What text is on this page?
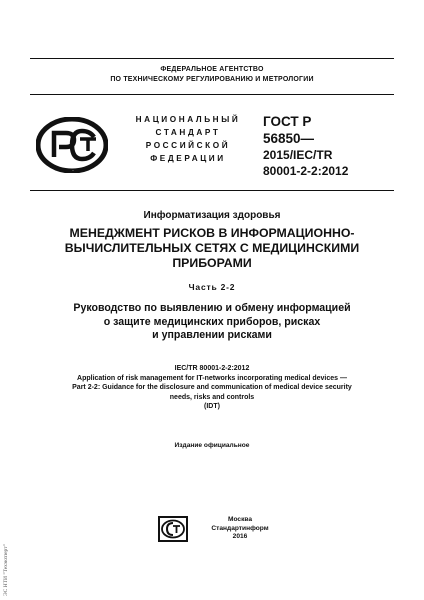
ФЕДЕРАЛЬНОЕ АГЕНТСТВО
ПО ТЕХНИЧЕСКОМУ РЕГУЛИРОВАНИЮ И МЕТРОЛОГИИ
РСТ
НАЦИОНАЛЬНЫЙ
СТАНДАРТ
РОССИЙСКОЙ
ФЕДЕРАЦИИ
ГОСТ Р
56850—
2015/IEC/TR
80001-2-2:2012
Информатизация здоровья
МЕНЕДЖМЕНТ РИСКОВ В ИНФОРМАЦИОННО-
ВЫЧИСЛИТЕЛЬНЫХ СЕТЯХ С МЕДИЦИНСКИМИ
ПРИБОРАМИ
Часть 2-2
Руководство по выявлению и обмену информацией
о защите медицинских приборов, рисках
и управлении рисками
IEC/TR 80001-2-2:2012
Application of risk management for IT-networks incorporating medical devices —
Part 2-2: Guidance for the disclosure and communication of medical device security
needs, risks and controls
(IDT)
Издание официальное
Москва
Стандартинформ
2016
ЭС НТИ "Техэксперт"
